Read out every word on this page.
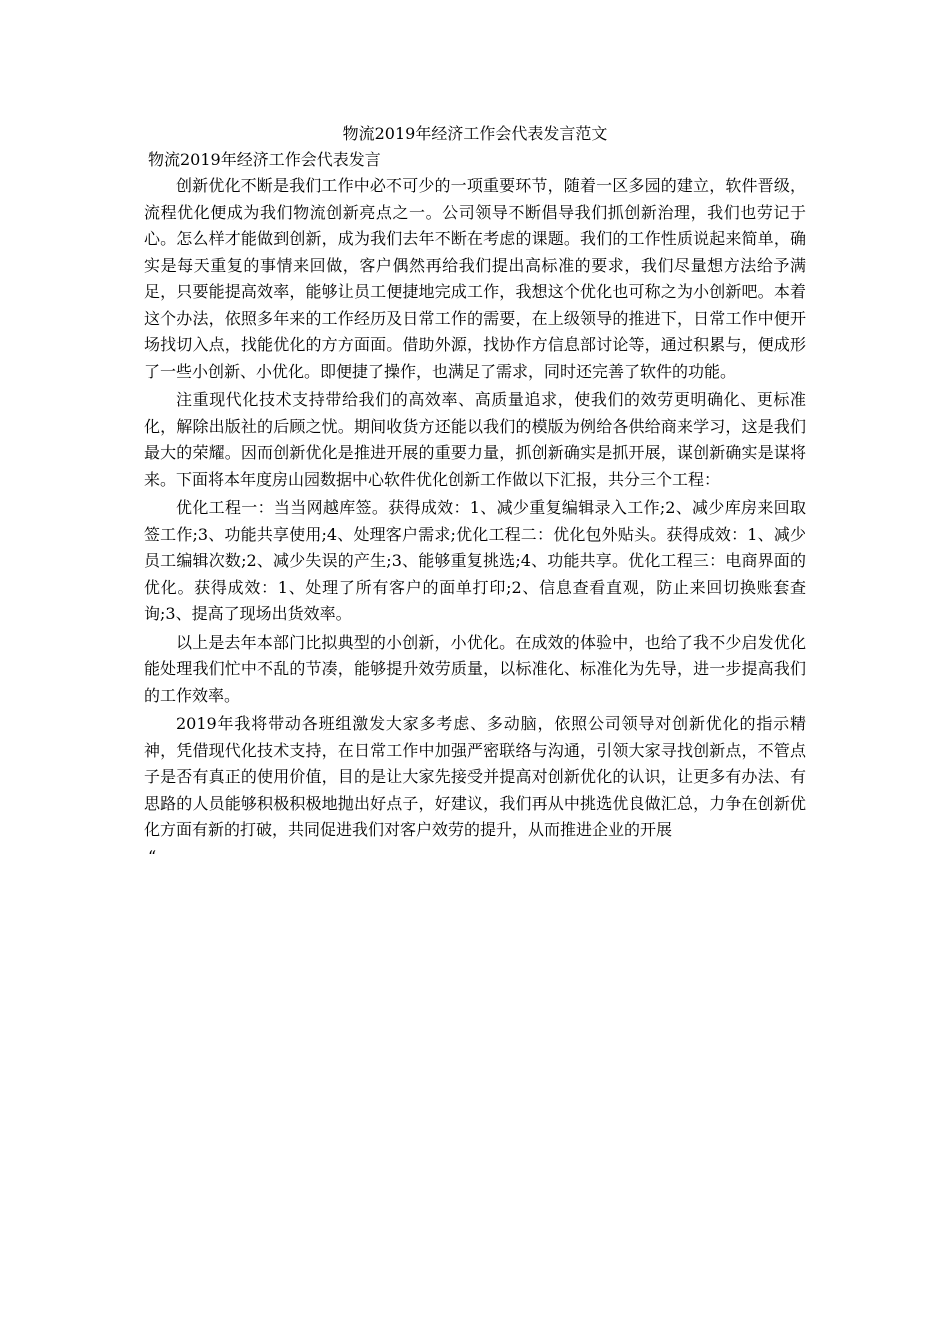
物流2019年经济工作会代表发言范文
物流2019年经济工作会代表发言

创新优化不断是我们工作中必不可少的一项重要环节，随着一区多园的建立，软件晋级，流程优化便成为我们物流创新亮点之一。公司领导不断倡导我们抓创新治理，我们也劳记于心。怎么样才能做到创新，成为我们去年不断在考虑的课题。我们的工作性质说起来简单，确实是每天重复的事情来回做，客户偶然再给我们提出高标准的要求，我们尽量想方法给予满足，只要能提高效率，能够让员工便捷地完成工作，我想这个优化也可称之为小创新吧。本着这个办法，依照多年来的工作经历及日常工作的需要，在上级领导的推进下，日常工作中便开场找切入点，找能优化的方方面面。借助外源，找协作方信息部讨论等，通过积累与，便成形了一些小创新、小优化。即便捷了操作，也满足了需求，同时还完善了软件的功能。

注重现代化技术支持带给我们的高效率、高质量追求，使我们的效劳更明确化、更标准化，解除出版社的后顾之忧。期间收货方还能以我们的模版为例给各供给商来学习，这是我们最大的荣耀。因而创新优化是推进开展的重要力量，抓创新确实是抓开展，谋创新确实是谋将来。下面将本年度房山园数据中心软件优化创新工作做以下汇报，共分三个工程：

优化工程一：当当网越库签。获得成效：1、减少重复编辑录入工作;2、减少库房来回取签工作;3、功能共享使用;4、处理客户需求;优化工程二：优化包外贴头。获得成效：1、减少员工编辑次数;2、减少失误的产生;3、能够重复挑选;4、功能共享。优化工程三：电商界面的优化。获得成效：1、处理了所有客户的面单打印;2、信息查看直观，防止来回切换账套查询;3、提高了现场出货效率。

以上是去年本部门比拟典型的小创新，小优化。在成效的体验中，也给了我不少启发优化能处理我们忙中不乱的节凑，能够提升效劳质量，以标准化、标准化为先导，进一步提高我们的工作效率。

2019年我将带动各班组激发大家多考虑、多动脑，依照公司领导对创新优化的指示精神，凭借现代化技术支持，在日常工作中加强严密联络与沟通，引领大家寻找创新点，不管点子是否有真正的使用价值，目的是让大家先接受并提高对创新优化的认识，让更多有办法、有思路的人员能够积极积极地抛出好点子，好建议，我们再从中挑选优良做汇总，力争在创新优化方面有新的打破，共同促进我们对客户效劳的提升，从而推进企业的开展

“
